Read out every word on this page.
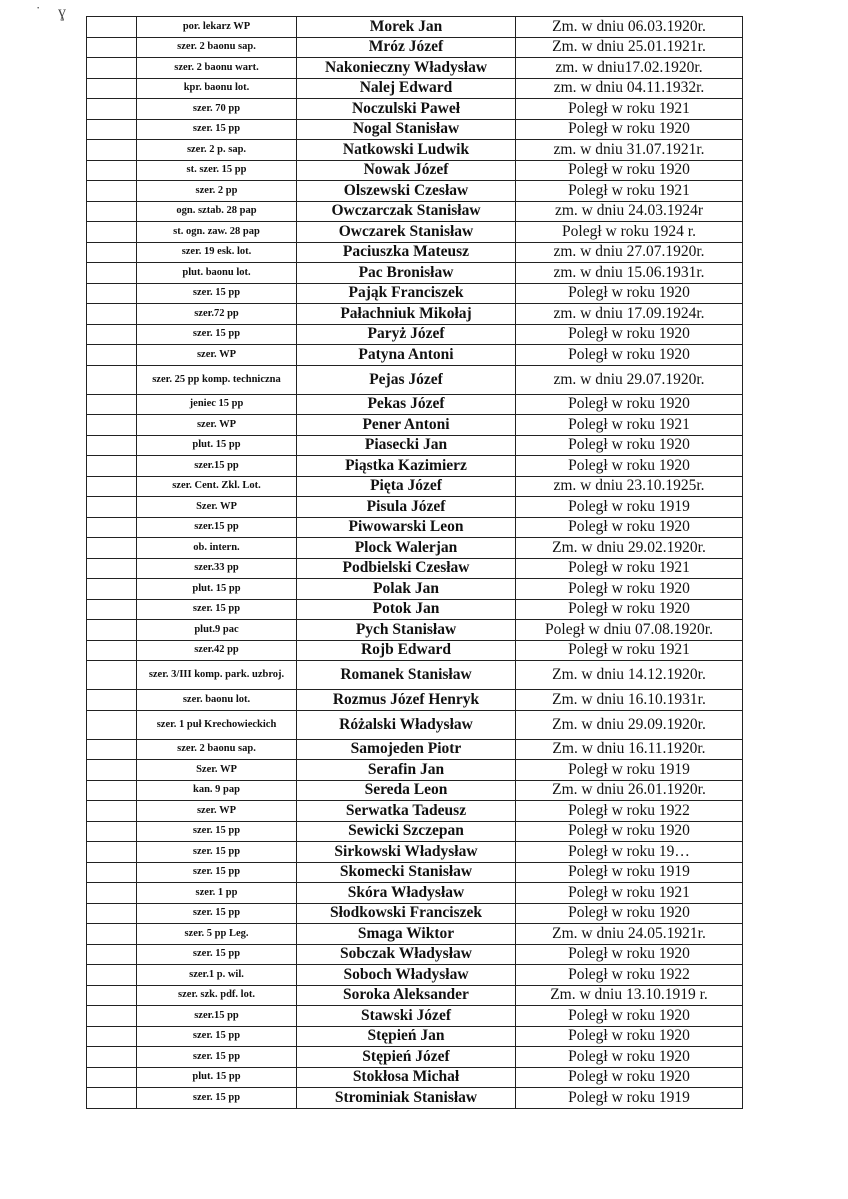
· ɣ
	por. lekarz WP	Morek Jan	Zm. w dniu 06.03.1920r.
	szer. 2 baonu sap.	Mróz Józef	Zm. w dniu 25.01.1921r.
	szer. 2 baonu wart.	Nakonieczny Władysław	zm. w dniu17.02.1920r.
	kpr. baonu lot.	Nalej Edward	zm. w dniu 04.11.1932r.
	szer. 70 pp	Noczulski Paweł	Poległ w roku 1921
	szer. 15 pp	Nogal Stanisław	Poległ w roku 1920
	szer. 2 p. sap.	Natkowski Ludwik	zm. w dniu 31.07.1921r.
	st. szer. 15 pp	Nowak Józef	Poległ w roku 1920
	szer. 2 pp	Olszewski Czesław	Poległ w roku 1921
	ogn. sztab. 28 pap	Owczarczak Stanisław	zm. w dniu 24.03.1924r
	st. ogn. zaw. 28 pap	Owczarek Stanisław	Poległ w roku 1924 r.
	szer. 19 esk. lot.	Paciuszka Mateusz	zm. w dniu 27.07.1920r.
	plut. baonu lot.	Pac Bronisław	zm. w dniu 15.06.1931r.
	szer. 15 pp	Pająk Franciszek	Poległ w roku 1920
	szer.72 pp	Pałachniuk Mikołaj	zm. w dniu 17.09.1924r.
	szer. 15 pp	Paryż Józef	Poległ w roku 1920
	szer. WP	Patyna Antoni	Poległ w roku 1920
	szer. 25 pp komp. techniczna	Pejas Józef	zm. w dniu 29.07.1920r.
	jeniec 15 pp	Pekas Józef	Poległ w roku 1920
	szer. WP	Pener Antoni	Poległ w roku 1921
	plut. 15 pp	Piasecki Jan	Poległ w roku 1920
	szer.15 pp	Piąstka Kazimierz	Poległ w roku 1920
	szer. Cent. Zkl. Lot.	Pięta Józef	zm. w dniu 23.10.1925r.
	Szer. WP	Pisula Józef	Poległ w roku 1919
	szer.15 pp	Piwowarski Leon	Poległ w roku 1920
	ob. intern.	Plock Walerjan	Zm. w dniu 29.02.1920r.
	szer.33 pp	Podbielski Czesław	Poległ w roku 1921
	plut. 15 pp	Polak Jan	Poległ w roku 1920
	szer. 15 pp	Potok Jan	Poległ w roku 1920
	plut.9 pac	Pych Stanisław	Poległ w dniu 07.08.1920r.
	szer.42 pp	Rojb Edward	Poległ w roku 1921
	szer. 3/III komp. park. uzbroj.	Romanek Stanisław	Zm. w dniu 14.12.1920r.
	szer. baonu lot.	Rozmus Józef Henryk	Zm. w dniu 16.10.1931r.
	szer. 1 puł Krechowieckich	Różalski Władysław	Zm. w dniu 29.09.1920r.
	szer. 2 baonu sap.	Samojeden Piotr	Zm. w dniu 16.11.1920r.
	Szer. WP	Serafin Jan	Poległ w roku 1919
	kan. 9 pap	Sereda Leon	Zm. w dniu 26.01.1920r.
	szer. WP	Serwatka Tadeusz	Poległ w roku 1922
	szer. 15 pp	Sewicki Szczepan	Poległ w roku 1920
	szer. 15 pp	Sirkowski Władysław	Poległ w roku 19…
	szer. 15 pp	Skomecki Stanisław	Poległ w roku 1919
	szer. 1 pp	Skóra Władysław	Poległ w roku 1921
	szer. 15 pp	Słodkowski Franciszek	Poległ w roku 1920
	szer. 5 pp Leg.	Smaga Wiktor	Zm. w dniu 24.05.1921r.
	szer. 15 pp	Sobczak Władysław	Poległ w roku 1920
	szer.1 p. wil.	Soboch Władysław	Poległ w roku 1922
	szer. szk. pdf. lot.	Soroka Aleksander	Zm. w dniu 13.10.1919 r.
	szer.15 pp	Stawski Józef	Poległ w roku 1920
	szer. 15 pp	Stępień Jan	Poległ w roku 1920
	szer. 15 pp	Stępień Józef	Poległ w roku 1920
	plut. 15 pp	Stokłosa Michał	Poległ w roku 1920
	szer. 15 pp	Strominiak Stanisław	Poległ w roku 1919
